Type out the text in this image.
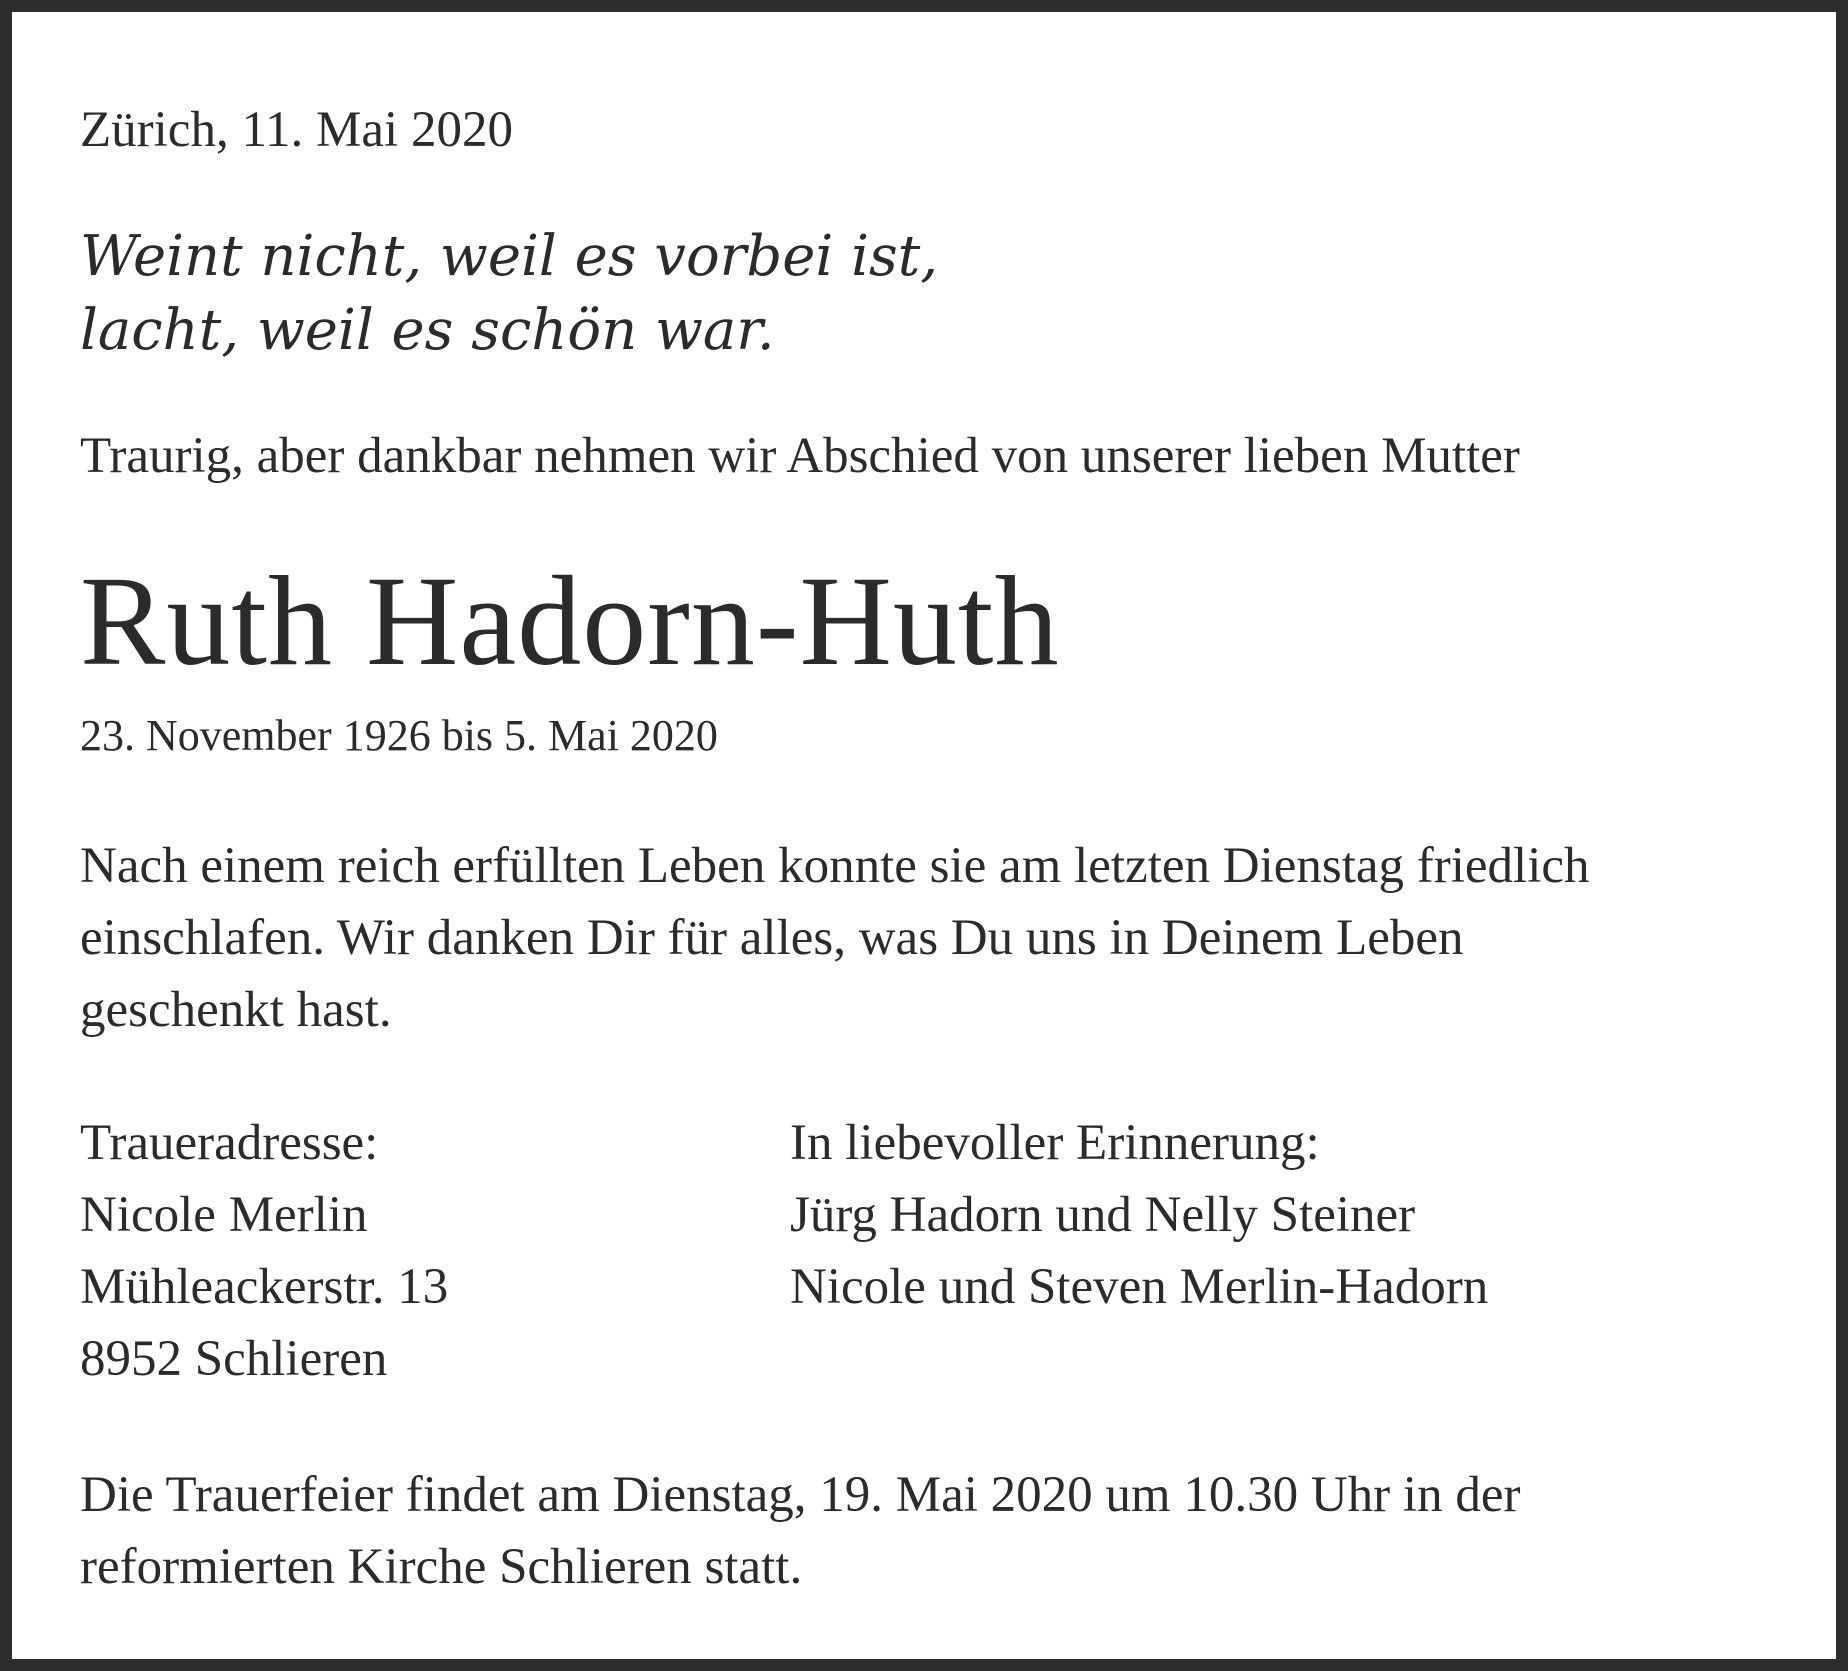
Zürich, 11. Mai 2020
Weint nicht, weil es vorbei ist,
lacht, weil es schön war.
Traurig, aber dankbar nehmen wir Abschied von unserer lieben Mutter
Ruth Hadorn-Huth
23. November 1926 bis 5. Mai 2020
Nach einem reich erfüllten Leben konnte sie am letzten Dienstag friedlich
einschlafen. Wir danken Dir für alles, was Du uns in Deinem Leben
geschenkt hast.
Traueradresse:
Nicole Merlin
Mühleackerstr. 13
8952 Schlieren
In liebevoller Erinnerung:
Jürg Hadorn und Nelly Steiner
Nicole und Steven Merlin-Hadorn
Die Trauerfeier findet am Dienstag, 19. Mai 2020 um 10.30 Uhr in der
reformierten Kirche Schlieren statt.
